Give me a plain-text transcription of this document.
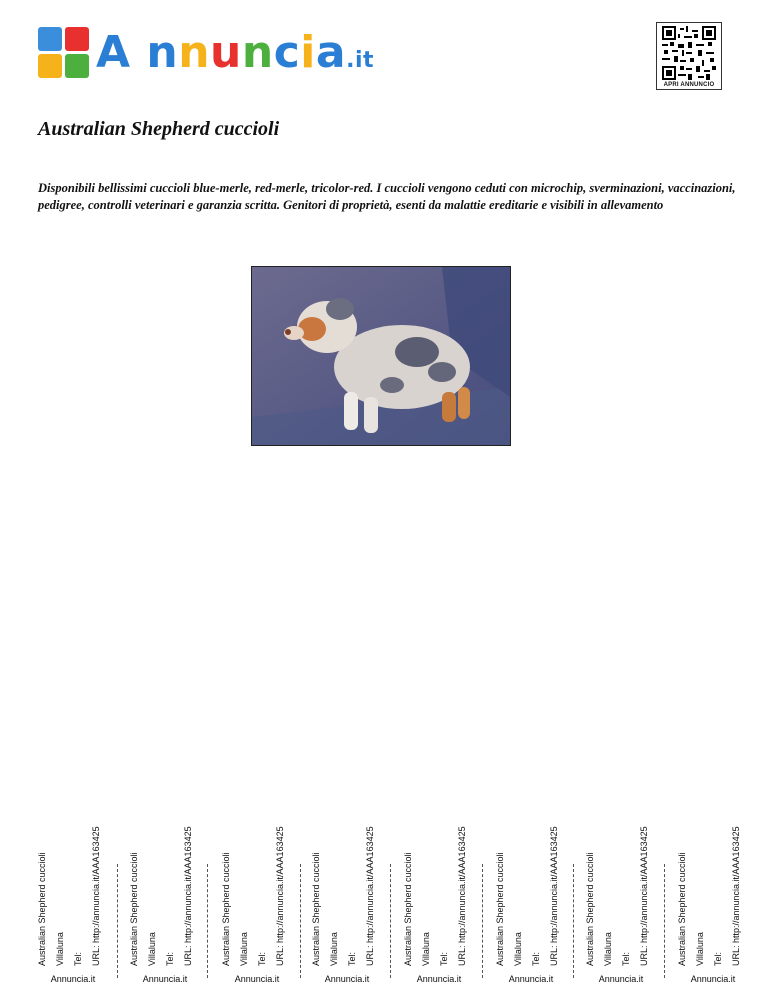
A nnuncia.it
APRI ANNUNCIO
Australian Shepherd cuccioli

Disponibili bellissimi cuccioli blue-merle, red-merle, tricolor-red. I cuccioli vengono ceduti con microchip, sverminazioni, vaccinazioni, pedigree, controlli veterinari e garanzia scritta. Genitori di proprietà, esenti da malattie ereditarie e visibili in allevamento

Australian Shepherd cuccioli Villaluna Tel: URL: http://annuncia.it/AAA163425
Annuncia.it
Australian Shepherd cuccioli Villaluna Tel: URL: http://annuncia.it/AAA163425
Annuncia.it
Australian Shepherd cuccioli Villaluna Tel: URL: http://annuncia.it/AAA163425
Annuncia.it
Australian Shepherd cuccioli Villaluna Tel: URL: http://annuncia.it/AAA163425
Annuncia.it
Australian Shepherd cuccioli Villaluna Tel: URL: http://annuncia.it/AAA163425
Annuncia.it
Australian Shepherd cuccioli Villaluna Tel: URL: http://annuncia.it/AAA163425
Annuncia.it
Australian Shepherd cuccioli Villaluna Tel: URL: http://annuncia.it/AAA163425
Annuncia.it
Australian Shepherd cuccioli Villaluna Tel: URL: http://annuncia.it/AAA163425
Annuncia.it
